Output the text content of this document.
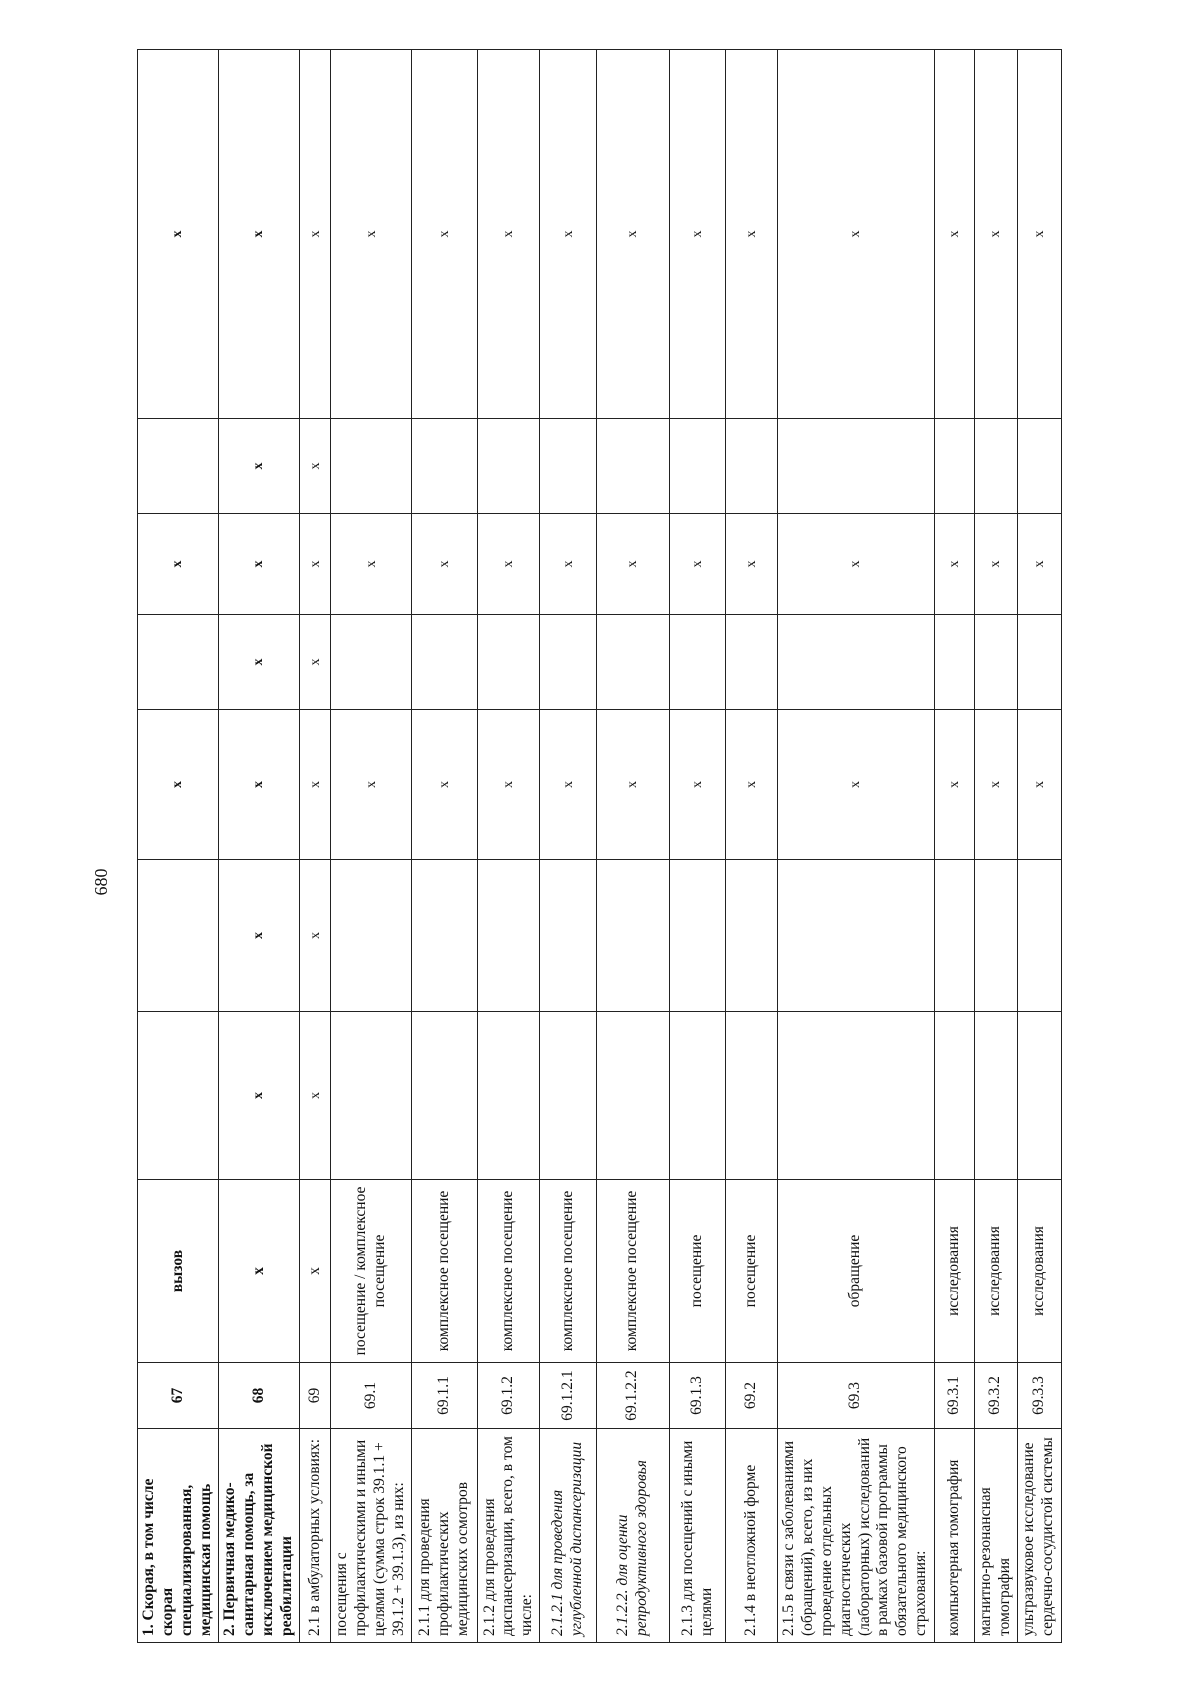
680
1. Скорая, в том числе скорая специализированная, медицинская помощь	67	вызов			x		x		x
2. Первичная медико-санитарная помощь, за исключением медицинской реабилитации	68	x	x	x	x	x	x	x	x
2.1 в амбулаторных условиях:	69	x	x	x	x	x	x	x	x
посещения с профилактическими и иными целями (сумма строк 39.1.1 + 39.1.2 + 39.1.3), из них:	69.1	посещение / комплексное посещение			x		x		x
2.1.1 для проведения профилактических медицинских осмотров	69.1.1	комплексное посещение			x		x		x
2.1.2 для проведения диспансеризации, всего, в том числе:	69.1.2	комплексное посещение			x		x		x
2.1.2.1 для проведения углубленной диспансеризации	69.1.2.1	комплексное посещение			x		x		x
2.1.2.2. для оценки репродуктивного здоровья	69.1.2.2	комплексное посещение			x		x		x
2.1.3 для посещений с иными целями	69.1.3	посещение			x		x		x
2.1.4 в неотложной форме	69.2	посещение			x		x		x
2.1.5 в связи с заболеваниями (обращений), всего, из них проведение отдельных диагностических (лабораторных) исследований в рамках базовой программы обязательного медицинского страхования:	69.3	обращение			x		x		x
компьютерная томография	69.3.1	исследования			x		x		x
магнитно-резонансная томография	69.3.2	исследования			x		x		x
ультразвуковое исследование сердечно-сосудистой системы	69.3.3	исследования			x		x		x
